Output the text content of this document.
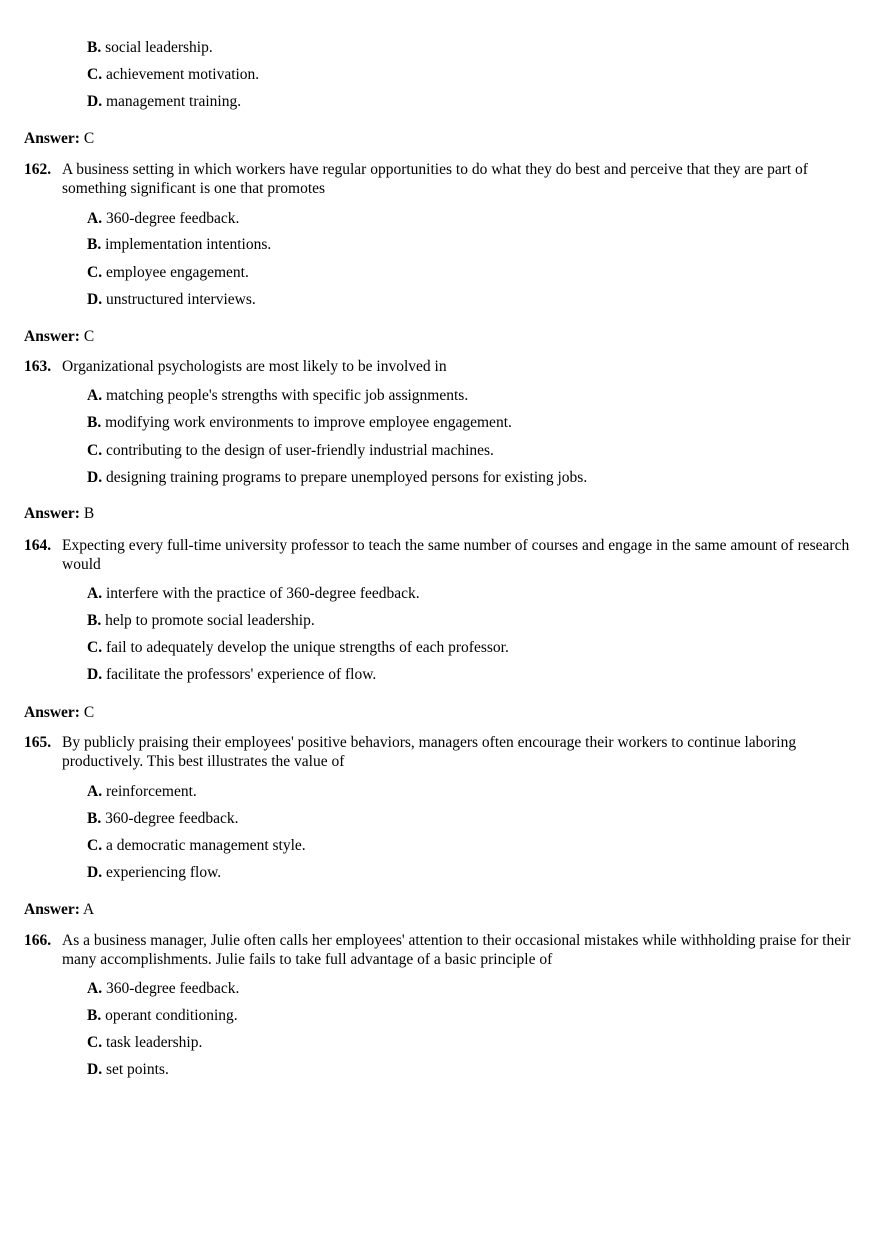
B. social leadership.
C. achievement motivation.
D. management training.
Answer: C
162. A business setting in which workers have regular opportunities to do what they do best and perceive that they are part of something significant is one that promotes
A. 360-degree feedback.
B. implementation intentions.
C. employee engagement.
D. unstructured interviews.
Answer: C
163. Organizational psychologists are most likely to be involved in
A. matching people's strengths with specific job assignments.
B. modifying work environments to improve employee engagement.
C. contributing to the design of user-friendly industrial machines.
D. designing training programs to prepare unemployed persons for existing jobs.
Answer: B
164. Expecting every full-time university professor to teach the same number of courses and engage in the same amount of research would
A. interfere with the practice of 360-degree feedback.
B. help to promote social leadership.
C. fail to adequately develop the unique strengths of each professor.
D. facilitate the professors' experience of flow.
Answer: C
165. By publicly praising their employees' positive behaviors, managers often encourage their workers to continue laboring productively. This best illustrates the value of
A. reinforcement.
B. 360-degree feedback.
C. a democratic management style.
D. experiencing flow.
Answer: A
166. As a business manager, Julie often calls her employees' attention to their occasional mistakes while withholding praise for their many accomplishments. Julie fails to take full advantage of a basic principle of
A. 360-degree feedback.
B. operant conditioning.
C. task leadership.
D. set points.
